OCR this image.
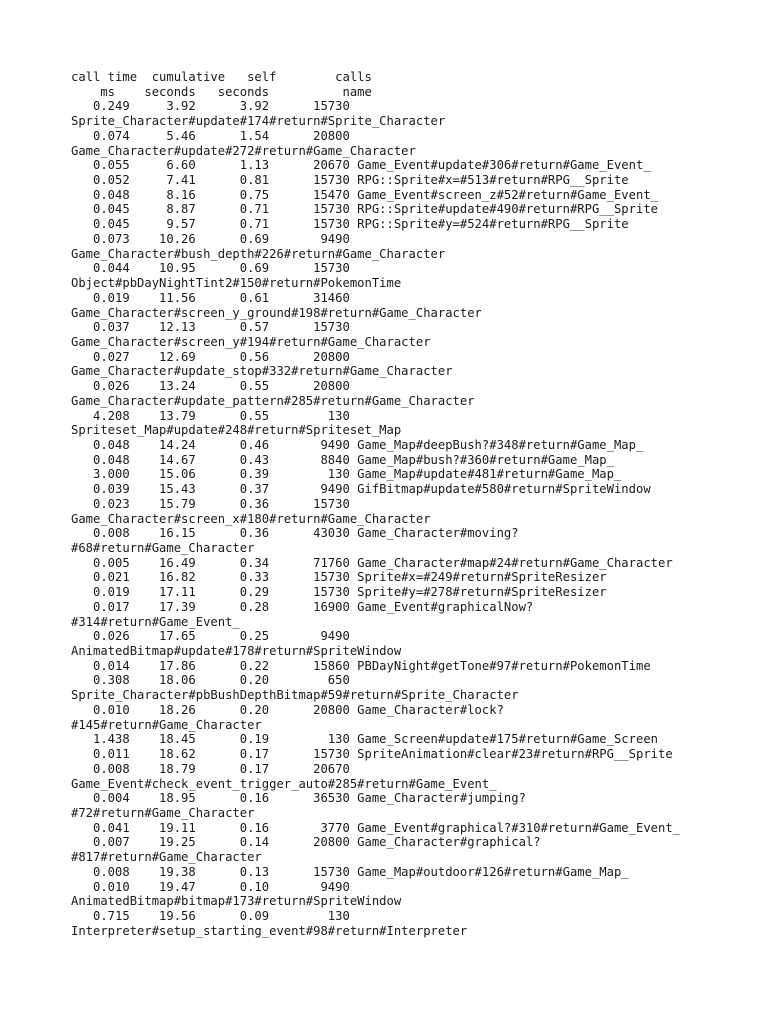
call time  cumulative   self        calls
ms    seconds   seconds          name
0.249     3.92      3.92      15730
Sprite_Character#update#174#return#Sprite_Character
0.074     5.46      1.54      20800
Game_Character#update#272#return#Game_Character
0.055     6.60      1.13      20670 Game_Event#update#306#return#Game_Event_
0.052     7.41      0.81      15730 RPG::Sprite#x=#513#return#RPG__Sprite
0.048     8.16      0.75      15470 Game_Event#screen_z#52#return#Game_Event_
0.045     8.87      0.71      15730 RPG::Sprite#update#490#return#RPG__Sprite
0.045     9.57      0.71      15730 RPG::Sprite#y=#524#return#RPG__Sprite
0.073    10.26      0.69       9490
Game_Character#bush_depth#226#return#Game_Character
0.044    10.95      0.69      15730
Object#pbDayNightTint2#150#return#PokemonTime
0.019    11.56      0.61      31460
Game_Character#screen_y_ground#198#return#Game_Character
0.037    12.13      0.57      15730
Game_Character#screen_y#194#return#Game_Character
0.027    12.69      0.56      20800
Game_Character#update_stop#332#return#Game_Character
0.026    13.24      0.55      20800
Game_Character#update_pattern#285#return#Game_Character
4.208    13.79      0.55        130
Spriteset_Map#update#248#return#Spriteset_Map
0.048    14.24      0.46       9490 Game_Map#deepBush?#348#return#Game_Map_
0.048    14.67      0.43       8840 Game_Map#bush?#360#return#Game_Map_
3.000    15.06      0.39        130 Game_Map#update#481#return#Game_Map_
0.039    15.43      0.37       9490 GifBitmap#update#580#return#SpriteWindow
0.023    15.79      0.36      15730
Game_Character#screen_x#180#return#Game_Character
0.008    16.15      0.36      43030 Game_Character#moving?
#68#return#Game_Character
0.005    16.49      0.34      71760 Game_Character#map#24#return#Game_Character
0.021    16.82      0.33      15730 Sprite#x=#249#return#SpriteResizer
0.019    17.11      0.29      15730 Sprite#y=#278#return#SpriteResizer
0.017    17.39      0.28      16900 Game_Event#graphicalNow?
#314#return#Game_Event_
0.026    17.65      0.25       9490
AnimatedBitmap#update#178#return#SpriteWindow
0.014    17.86      0.22      15860 PBDayNight#getTone#97#return#PokemonTime
0.308    18.06      0.20        650
Sprite_Character#pbBushDepthBitmap#59#return#Sprite_Character
0.010    18.26      0.20      20800 Game_Character#lock?
#145#return#Game_Character
1.438    18.45      0.19        130 Game_Screen#update#175#return#Game_Screen
0.011    18.62      0.17      15730 SpriteAnimation#clear#23#return#RPG__Sprite
0.008    18.79      0.17      20670
Game_Event#check_event_trigger_auto#285#return#Game_Event_
0.004    18.95      0.16      36530 Game_Character#jumping?
#72#return#Game_Character
0.041    19.11      0.16       3770 Game_Event#graphical?#310#return#Game_Event_
0.007    19.25      0.14      20800 Game_Character#graphical?
#817#return#Game_Character
0.008    19.38      0.13      15730 Game_Map#outdoor#126#return#Game_Map_
0.010    19.47      0.10       9490
AnimatedBitmap#bitmap#173#return#SpriteWindow
0.715    19.56      0.09        130
Interpreter#setup_starting_event#98#return#Interpreter
